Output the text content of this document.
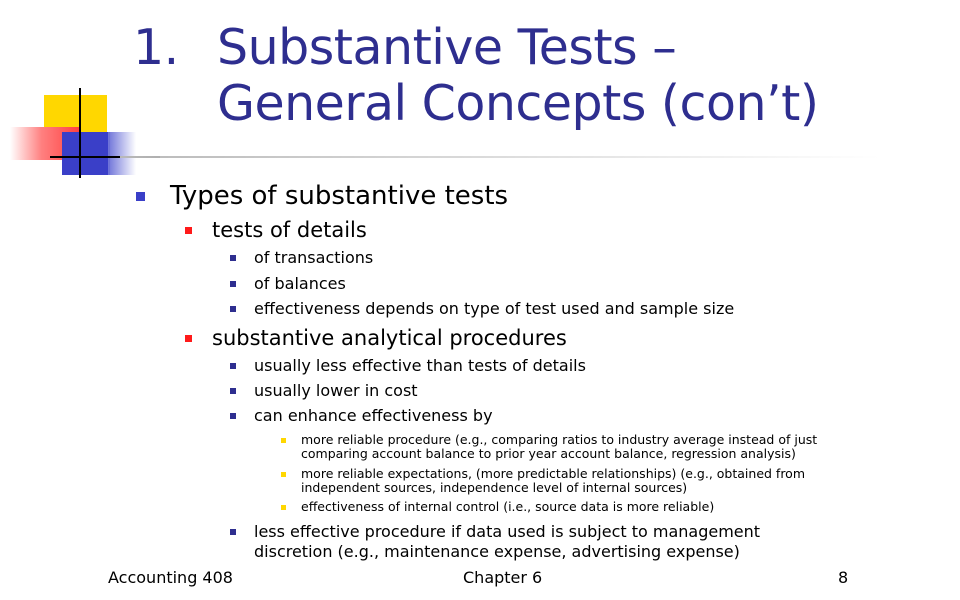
1. Substantive Tests –
General Concepts (con’t)
Types of substantive tests
tests of details
of transactions
of balances
effectiveness depends on type of test used and sample size
substantive analytical procedures
usually less effective than tests of details
usually lower in cost
can enhance effectiveness by
more reliable procedure (e.g., comparing ratios to industry average instead of just
comparing account balance to prior year account balance, regression analysis)
more reliable expectations, (more predictable relationships) (e.g., obtained from
independent sources, independence level of internal sources)
effectiveness of internal control (i.e., source data is more reliable)
less effective procedure if data used is subject to management
discretion (e.g., maintenance expense, advertising expense)
Accounting 408	Chapter 6	8
